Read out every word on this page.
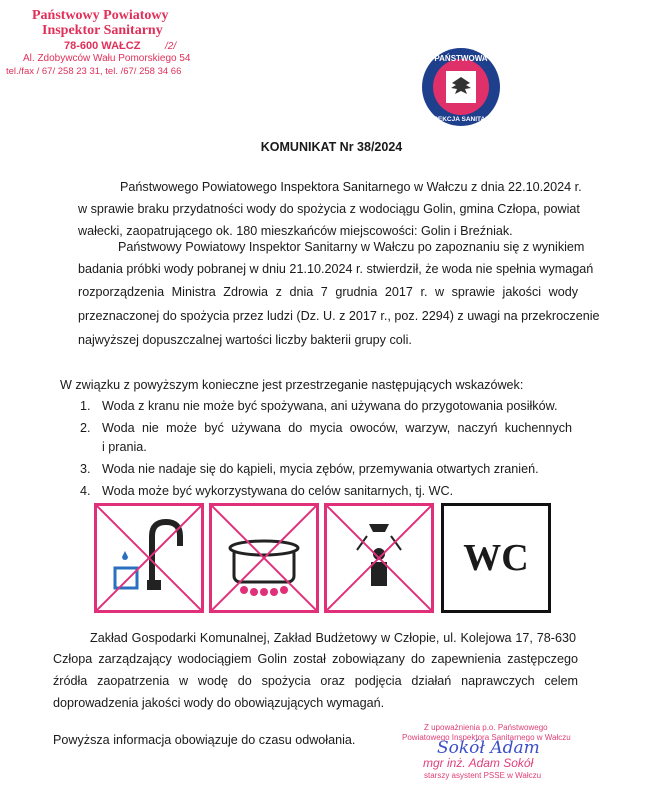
Państwowy Powiatowy
Inspektor Sanitarny
78-600 WAŁCZ /2/
Al. Zdobywców Wału Pomorskiego 54
tel./fax / 67/ 258 23 31, tel. /67/ 258 34 66
PAŃSTWOWA
INSPEKCJA SANITARNA
KOMUNIKAT Nr 38/2024
Państwowego Powiatowego Inspektora Sanitarnego w Wałczu z dnia 22.10.2024 r.
w sprawie braku przydatności wody do spożycia z wodociągu Golin, gmina Człopa, powiat
wałecki, zaopatrującego ok. 180 mieszkańców miejscowości: Golin i Breźniak.
Państwowy Powiatowy Inspektor Sanitarny w Wałczu po zapoznaniu się z wynikiem
badania próbki wody pobranej w dniu 21.10.2024 r. stwierdził, że woda nie spełnia wymagań
rozporządzenia Ministra Zdrowia z dnia 7 grudnia 2017 r. w sprawie jakości wody
przeznaczonej do spożycia przez ludzi (Dz. U. z 2017 r., poz. 2294) z uwagi na przekroczenie
najwyższej dopuszczalnej wartości liczby bakterii grupy coli.
W związku z powyższym konieczne jest przestrzeganie następujących wskazówek:
1. Woda z kranu nie może być spożywana, ani używana do przygotowania posiłków.
2. Woda nie może być używana do mycia owoców, warzyw, naczyń kuchennych
i prania.
3. Woda nie nadaje się do kąpieli, mycia zębów, przemywania otwartych zranień.
4. Woda może być wykorzystywana do celów sanitarnych, tj. WC.
WC
Zakład Gospodarki Komunalnej, Zakład Budżetowy w Człopie, ul. Kolejowa 17, 78-630
Człopa zarządzający wodociągiem Golin został zobowiązany do zapewnienia zastępczego
źródła zaopatrzenia w wodę do spożycia oraz podjęcia działań naprawczych celem
doprowadzenia jakości wody do obowiązujących wymagań.
Powyższa informacja obowiązuje do czasu odwołania.
Z upoważnienia p.o. Państwowego
Powiatowego Inspektora Sanitarnego w Wałczu
Sokół Adam
mgr inż. Adam Sokół
starszy asystent PSSE w Wałczu
